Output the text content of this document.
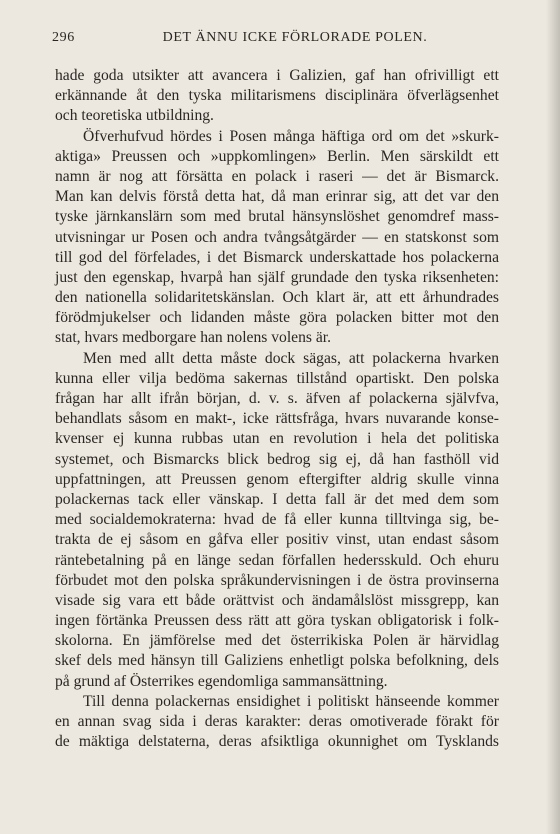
296	DET ÄNNU ICKE FÖRLORADE POLEN.
hade goda utsikter att avancera i Galizien, gaf han ofrivilligt ett
erkännande åt den tyska militarismens disciplinära öfverlägsenhet
och teoretiska utbildning.
Öfverhufvud hördes i Posen många häftiga ord om det »skurk-
aktiga» Preussen och »uppkomlingen» Berlin. Men särskildt ett
namn är nog att försätta en polack i raseri — det är Bismarck.
Man kan delvis förstå detta hat, då man erinrar sig, att det var den
tyske järnkanslärn som med brutal hänsynslöshet genomdref mass-
utvisningar ur Posen och andra tvångsåtgärder — en statskonst som
till god del förfelades, i det Bismarck underskattade hos polackerna
just den egenskap, hvarpå han själf grundade den tyska riksenheten:
den nationella solidaritetskänslan. Och klart är, att ett århundrades
förödmjukelser och lidanden måste göra polacken bitter mot den
stat, hvars medborgare han nolens volens är.
Men med allt detta måste dock sägas, att polackerna hvarken
kunna eller vilja bedöma sakernas tillstånd opartiskt. Den polska
frågan har allt ifrån början, d. v. s. äfven af polackerna självfva,
behandlats såsom en makt-, icke rättsfråga, hvars nuvarande konse-
kvenser ej kunna rubbas utan en revolution i hela det politiska
systemet, och Bismarcks blick bedrog sig ej, då han fasthöll vid
uppfattningen, att Preussen genom eftergifter aldrig skulle vinna
polackernas tack eller vänskap. I detta fall är det med dem som
med socialdemokraterna: hvad de få eller kunna tilltvinga sig, be-
trakta de ej såsom en gåfva eller positiv vinst, utan endast såsom
räntebetalning på en länge sedan förfallen hedersskuld. Och ehuru
förbudet mot den polska språkundervisningen i de östra provinserna
visade sig vara ett både orättvist och ändamålslöst missgrepp, kan
ingen förtänka Preussen dess rätt att göra tyskan obligatorisk i folk-
skolorna. En jämförelse med det österrikiska Polen är härvidlag
skef dels med hänsyn till Galiziens enhetligt polska befolkning, dels
på grund af Österrikes egendomliga sammansättning.
Till denna polackernas ensidighet i politiskt hänseende kommer
en annan svag sida i deras karakter: deras omotiverade förakt för
de mäktiga delstaterna, deras afsiktliga okunnighet om Tysklands
